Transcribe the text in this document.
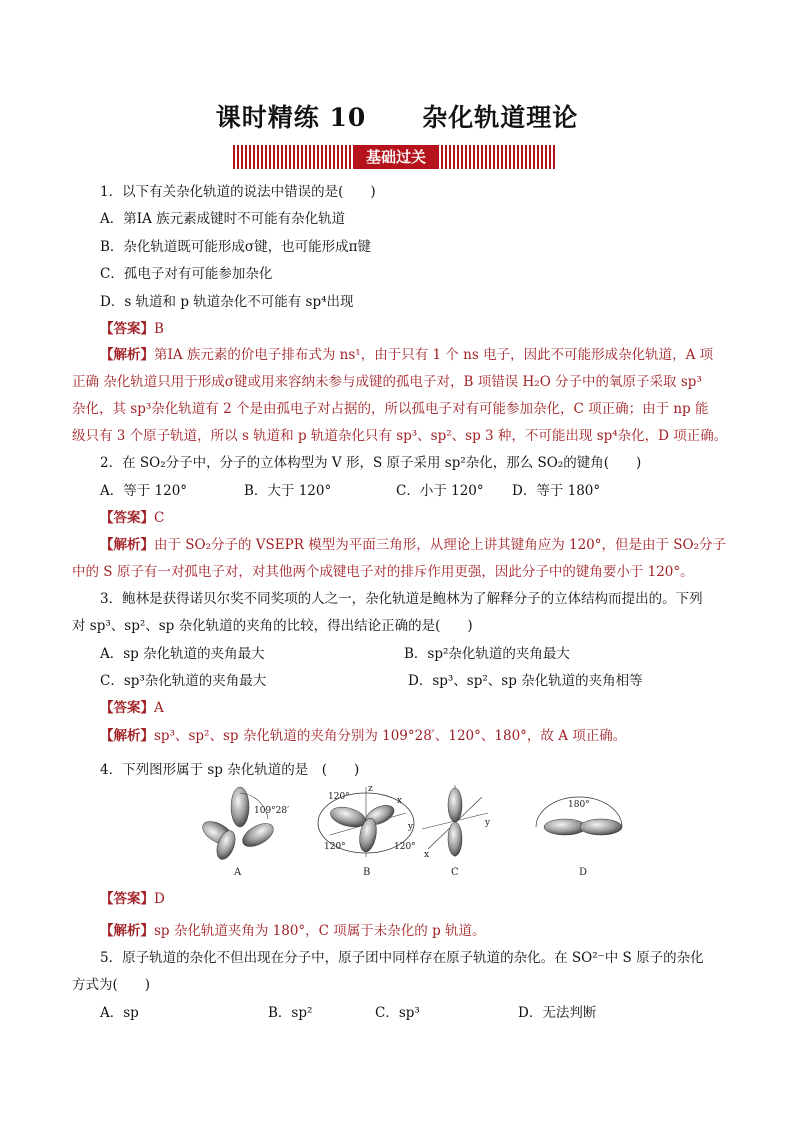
课时精练 10 杂化轨道理论
基础过关
1．以下有关杂化轨道的说法中错误的是(　　)
A．第ⅠA 族元素成键时不可能有杂化轨道
B．杂化轨道既可能形成σ键，也可能形成π键
C．孤电子对有可能参加杂化
D．s 轨道和 p 轨道杂化不可能有 sp⁴出现
【答案】B
【解析】第ⅠA 族元素的价电子排布式为 ns¹，由于只有 1 个 ns 电子，因此不可能形成杂化轨道，A 项
正确 杂化轨道只用于形成σ键或用来容纳未参与成键的孤电子对，B 项错误 H₂O 分子中的氧原子采取 sp³
杂化，其 sp³杂化轨道有 2 个是由孤电子对占据的，所以孤电子对有可能参加杂化，C 项正确；由于 np 能
级只有 3 个原子轨道，所以 s 轨道和 p 轨道杂化只有 sp³、sp²、sp 3 种，不可能出现 sp⁴杂化，D 项正确。
2．在 SO₂分子中，分子的立体构型为 V 形，S 原子采用 sp²杂化，那么 SO₂的键角(　　)
A．等于 120°	B．大于 120°	C．小于 120° D．等于 180°
【答案】C
【解析】由于 SO₂分子的 VSEPR 模型为平面三角形，从理论上讲其键角应为 120°，但是由于 SO₂分子
中的 S 原子有一对孤电子对，对其他两个成键电子对的排斥作用更强，因此分子中的键角要小于 120°。
3．鲍林是获得诺贝尔奖不同奖项的人之一，杂化轨道是鲍林为了解释分子的立体结构而提出的。下列
对 sp³、sp²、sp 杂化轨道的夹角的比较，得出结论正确的是(　　)
A．sp 杂化轨道的夹角最大	B．sp²杂化轨道的夹角最大
C．sp³杂化轨道的夹角最大	D．sp³、sp²、sp 杂化轨道的夹角相等
【答案】A
【解析】sp³、sp²、sp 杂化轨道的夹角分别为 109°28′、120°、180°，故 A 项正确。
4．下列图形属于 sp 杂化轨道的是　(　　)
109°28′
A
z
x
y
120°
120°	120°
B
x
y
C
180°
D
【答案】D
【解析】sp 杂化轨道夹角为 180°，C 项属于未杂化的 p 轨道。
5．原子轨道的杂化不但出现在分子中，原子团中同样存在原子轨道的杂化。在 SO²⁻中 S 原子的杂化
方式为(　　)
A．sp	B．sp²	C．sp³	D．无法判断
